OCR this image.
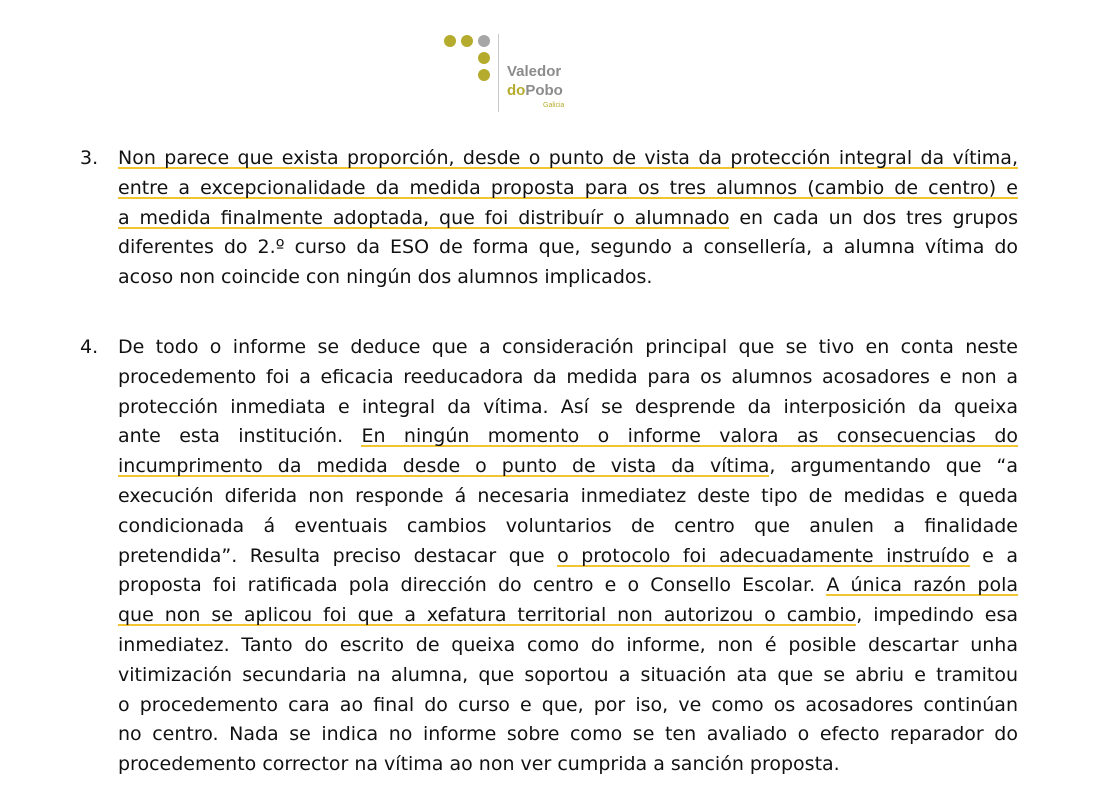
Valedor
doPobo
Galicia
3. Non parece que exista proporción, desde o punto de vista da protección integral da vítima,
entre a excepcionalidade da medida proposta para os tres alumnos (cambio de centro) e
a medida finalmente adoptada, que foi distribuír o alumnado en cada un dos tres grupos
diferentes do 2.º curso da ESO de forma que, segundo a consellería, a alumna vítima do
acoso non coincide con ningún dos alumnos implicados.
4. De todo o informe se deduce que a consideración principal que se tivo en conta neste
procedemento foi a eficacia reeducadora da medida para os alumnos acosadores e non a
protección inmediata e integral da vítima. Así se desprende da interposición da queixa
ante esta institución. En ningún momento o informe valora as consecuencias do
incumprimento da medida desde o punto de vista da vítima, argumentando que “a
execución diferida non responde á necesaria inmediatez deste tipo de medidas e queda
condicionada á eventuais cambios voluntarios de centro que anulen a finalidade
pretendida”. Resulta preciso destacar que o protocolo foi adecuadamente instruído e a
proposta foi ratificada pola dirección do centro e o Consello Escolar. A única razón pola
que non se aplicou foi que a xefatura territorial non autorizou o cambio, impedindo esa
inmediatez. Tanto do escrito de queixa como do informe, non é posible descartar unha
vitimización secundaria na alumna, que soportou a situación ata que se abriu e tramitou
o procedemento cara ao final do curso e que, por iso, ve como os acosadores continúan
no centro. Nada se indica no informe sobre como se ten avaliado o efecto reparador do
procedemento corrector na vítima ao non ver cumprida a sanción proposta.
